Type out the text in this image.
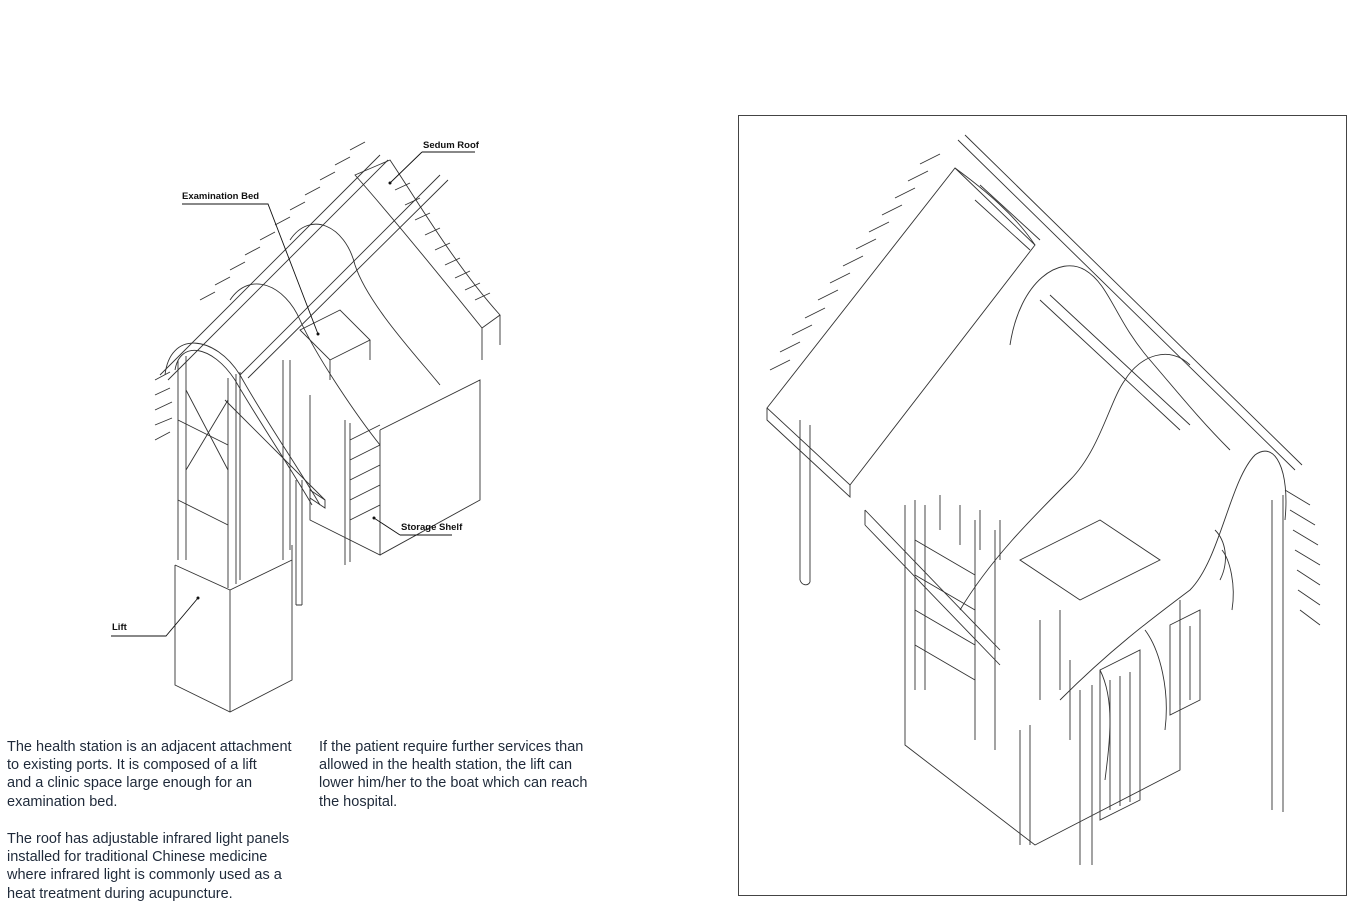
Sedum Roof
Examination Bed
Storage Shelf
Lift
The health station is an adjacent attachment
to existing ports. It is composed of a lift
and a clinic space large enough for an
examination bed.
The roof has adjustable infrared light panels
installed for traditional Chinese medicine
where infrared light is commonly used as a
heat treatment during acupuncture.
If the patient require further services than
allowed in the health station, the lift can
lower him/her to the boat which can reach
the hospital.
